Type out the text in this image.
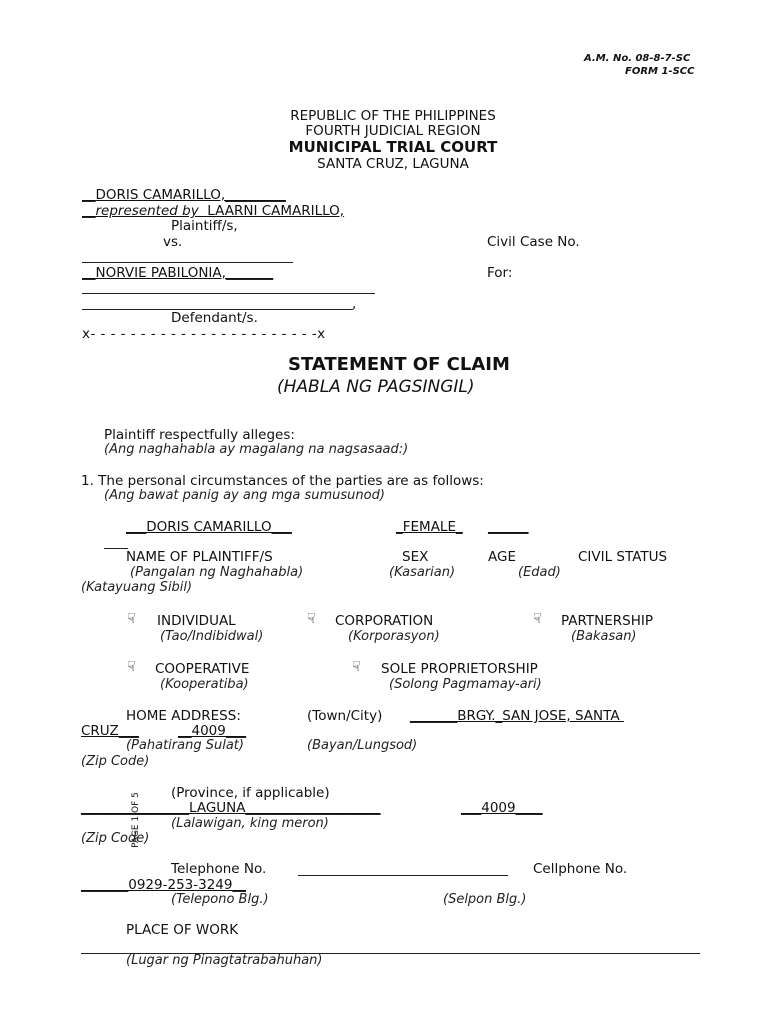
A.M. No. 08-8-7-SC
FORM 1-SCC
REPUBLIC OF THE PHILIPPINES
FOURTH JUDICIAL REGION
MUNICIPAL TRIAL COURT
SANTA CRUZ, LAGUNA
__DORIS CAMARILLO,_________
__represented by  LAARNI CAMARILLO,
Plaintiff/s,
vs.	Civil Case No.
__NORVIE PABILONIA,_______	For:
,
Defendant/s.
x- - - - - - - - - - - - - - - - - - - - - - -x
STATEMENT OF CLAIM
(HABLA NG PAGSINGIL)
Plaintiff respectfully alleges:
(Ang naghahabla ay magalang na nagsasaad:)
1. The personal circumstances of the parties are as follows:
(Ang bawat panig ay ang mga sumusunod)
___DORIS CAMARILLO___	_FEMALE_ ______
NAME OF PLAINTIFF/S	SEX	AGE	CIVIL STATUS
(Pangalan ng Naghahabla)	(Kasarian)	(Edad)
(Katayuang Sibil)
☟ INDIVIDUAL
(Tao/Indibidwal)
☟ CORPORATION
(Korporasyon)
☟ PARTNERSHIP
(Bakasan)
☟ COOPERATIVE
(Kooperatiba)
☟ SOLE PROPRIETORSHIP
(Solong Pagmamay-ari)
HOME ADDRESS:	(Town/City) _______BRGY._SAN JOSE, SANTA
CRUZ___	__4009___
(Pahatirang Sulat)	(Bayan/Lungsod)
(Zip Code)
(Province, if applicable)
________________LAGUNA____________________	___4009____
(Lalawigan, king meron)
(Zip Code)
PAGE 1 OF 5
Telephone No.	Cellphone No.
_______0929-253-3249__
(Telepono Blg.)	(Selpon Blg.)
PLACE OF WORK
(Lugar ng Pinagtatrabahuhan)
